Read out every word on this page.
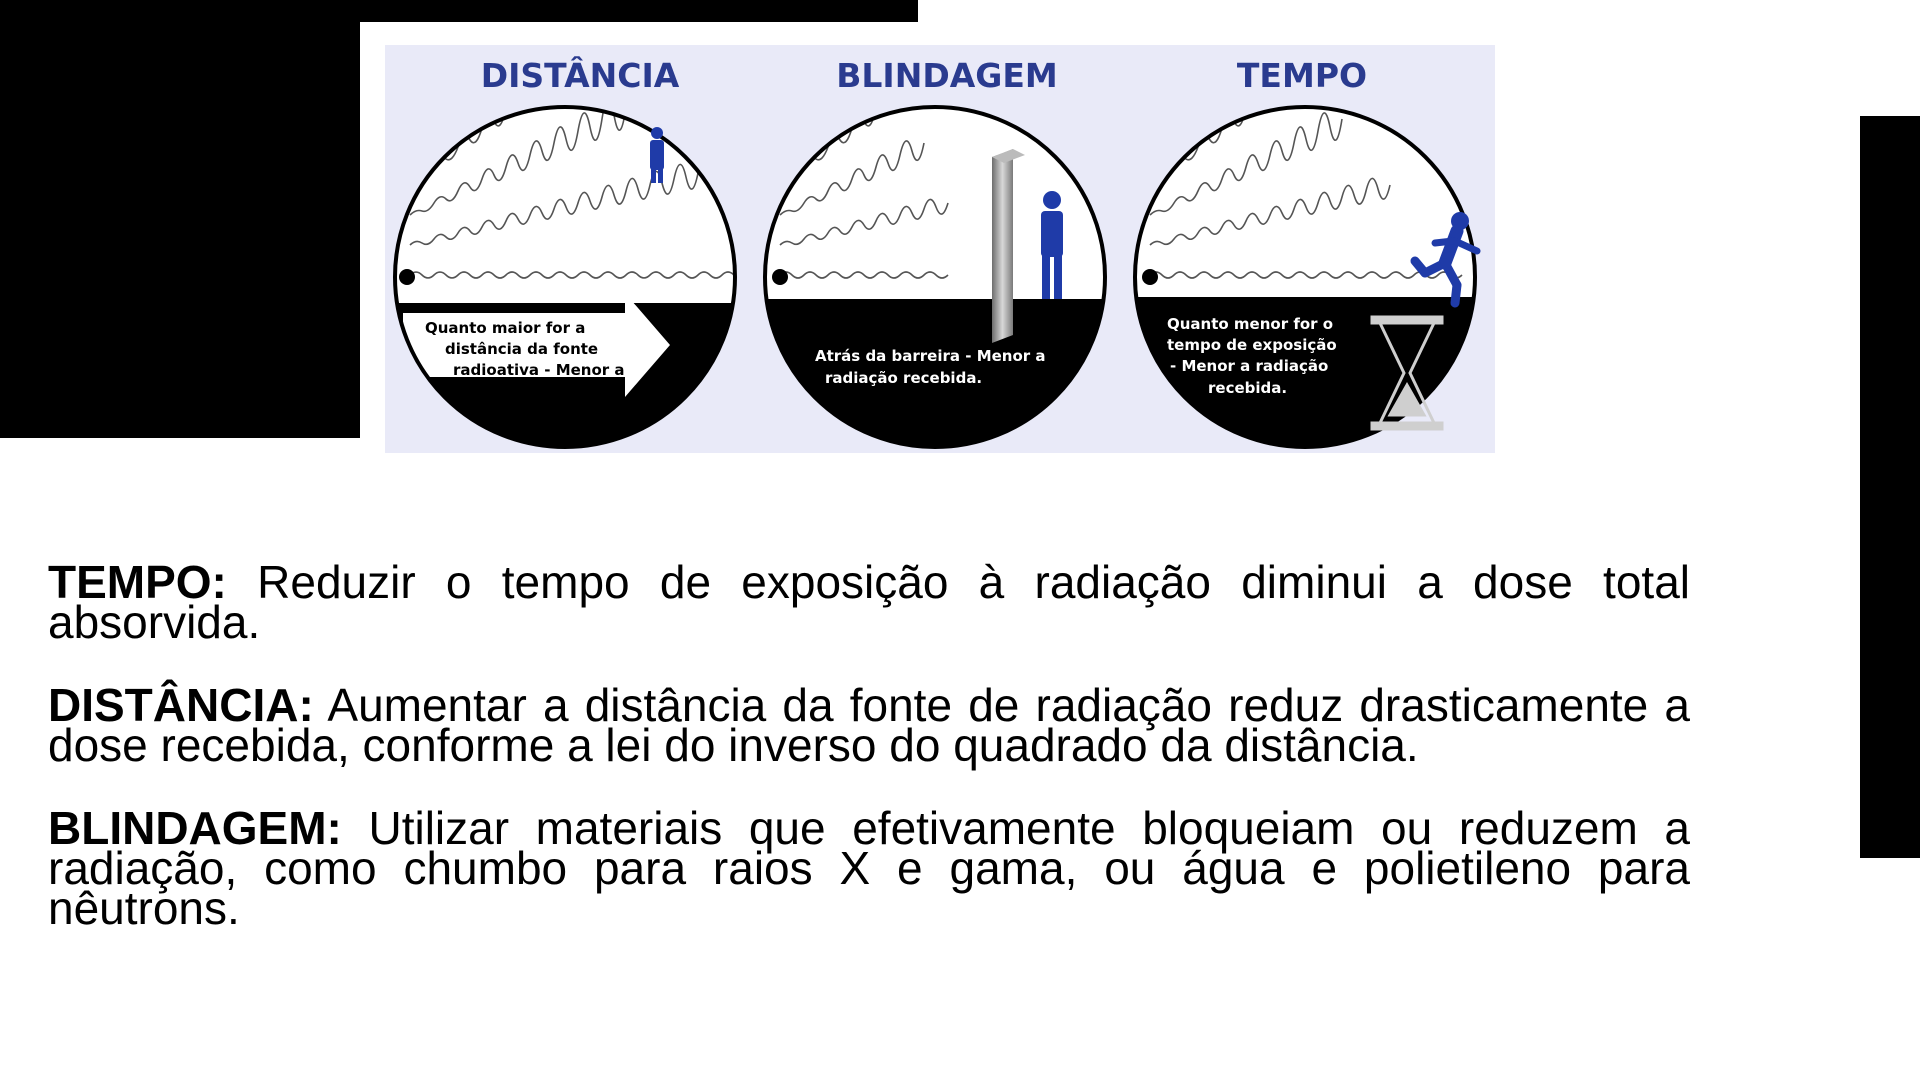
DISTÂNCIA	BLINDAGEM	TEMPO
Quanto maior for a distância da fonte radioativa - Menor a radiação recebida.
Atrás da barreira - Menor a radiação recebida.
Quanto menor for o tempo de exposição - Menor a radiação recebida.

TEMPO: Reduzir o tempo de exposição à radiação diminui a dose total absorvida.

DISTÂNCIA: Aumentar a distância da fonte de radiação reduz drasticamente a dose recebida, conforme a lei do inverso do quadrado da distância.

BLINDAGEM: Utilizar materiais que efetivamente bloqueiam ou reduzem a radiação, como chumbo para raios X e gama, ou água e polietileno para nêutrons.
